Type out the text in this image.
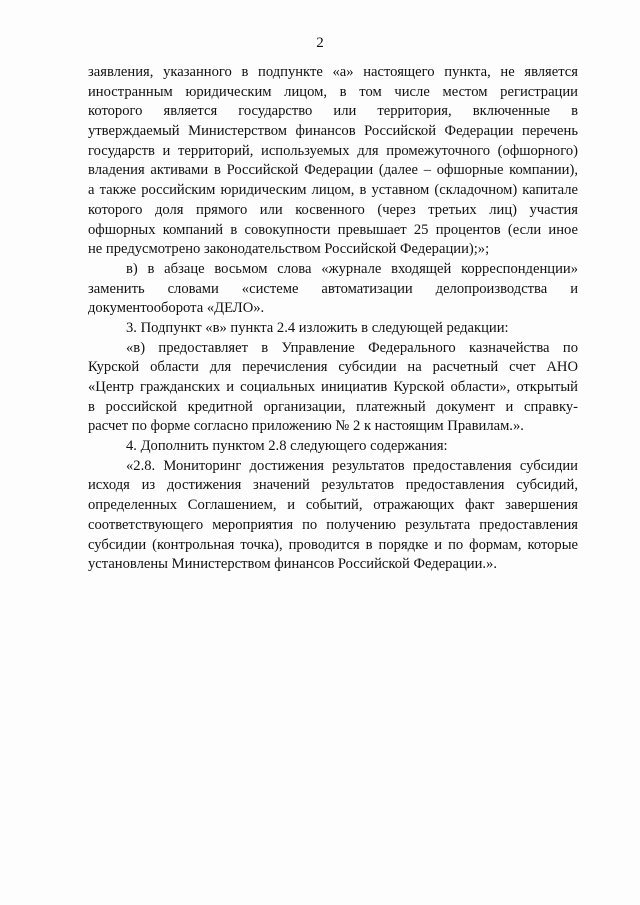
2
заявления, указанного в подпункте «а» настоящего пункта, не является
иностранным юридическим лицом, в том числе местом регистрации
которого является государство или территория, включенные в
утверждаемый Министерством финансов Российской Федерации перечень
государств и территорий, используемых для промежуточного (офшорного)
владения активами в Российской Федерации (далее – офшорные компании),
а также российским юридическим лицом, в уставном (складочном) капитале
которого доля прямого или косвенного (через третьих лиц) участия
офшорных компаний в совокупности превышает 25 процентов (если иное
не предусмотрено законодательством Российской Федерации);»;
в) в абзаце восьмом слова «журнале входящей корреспонденции»
заменить словами «системе автоматизации делопроизводства и
документооборота «ДЕЛО».
3. Подпункт «в» пункта 2.4 изложить в следующей редакции:
«в) предоставляет в Управление Федерального казначейства по
Курской области для перечисления субсидии на расчетный счет АНО
«Центр гражданских и социальных инициатив Курской области», открытый
в российской кредитной организации, платежный документ и справку-
расчет по форме согласно приложению № 2 к настоящим Правилам.».
4. Дополнить пунктом 2.8 следующего содержания:
«2.8. Мониторинг достижения результатов предоставления субсидии
исходя из достижения значений результатов предоставления субсидий,
определенных Соглашением, и событий, отражающих факт завершения
соответствующего мероприятия по получению результата предоставления
субсидии (контрольная точка), проводится в порядке и по формам, которые
установлены Министерством финансов Российской Федерации.».
